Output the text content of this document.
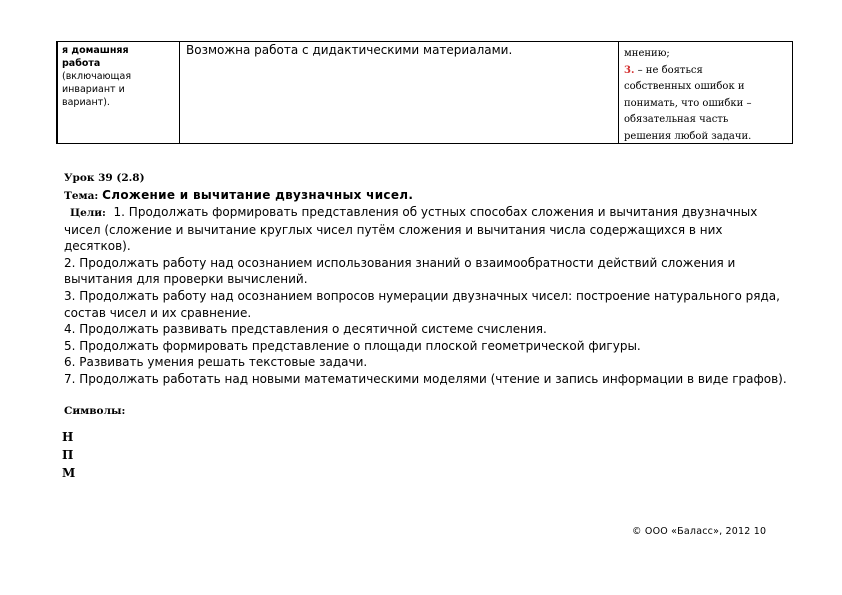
я домашняя
работа
(включающая
инвариант и
вариант).
Возможна работа с дидактическими материалами.	мнению;
3. – не бояться
собственных ошибок и
понимать, что ошибки –
обязательная часть
решения любой задачи.
Урок 39 (2.8)
Тема: Сложение и вычитание двузначных чисел.

Цели: 1. Продолжать формировать представления об устных способах сложения и вычитания двузначных чисел (сложение и вычитание круглых чисел путём сложения и вычитания числа содержащихся в них десятков).

2. Продолжать работу над осознанием использования знаний о взаимообратности действий сложения и вычитания для проверки вычислений.

3. Продолжать работу над осознанием вопросов нумерации двузначных чисел: построение натурального ряда, состав чисел и их сравнение.

4. Продолжать развивать представления о десятичной системе счисления.

5. Продолжать формировать представление о площади плоской геометрической фигуры.

6. Развивать умения решать текстовые задачи.

7. Продолжать работать над новыми математическими моделями (чтение и запись информации в виде графов).

Символы:
Н
П
М
© ООО «Баласс», 2012 10
